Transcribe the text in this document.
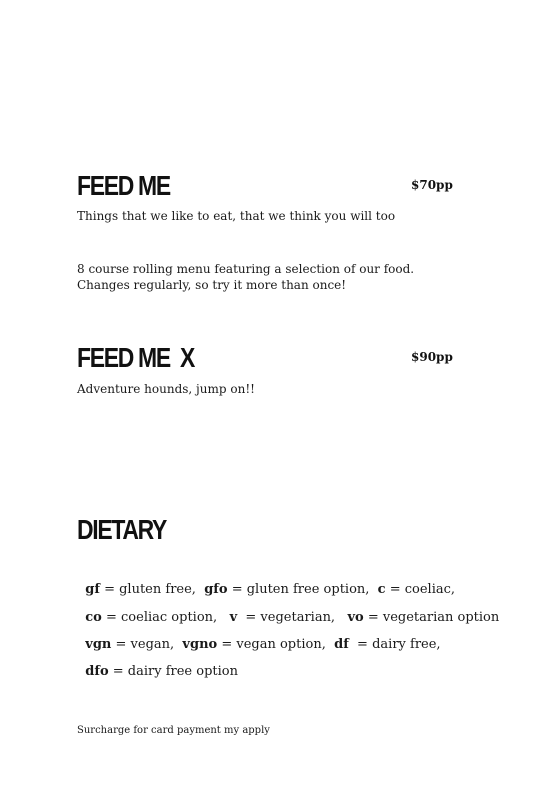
FEED ME	$70pp
Things that we like to eat, that we think you will too
8 course rolling menu featuring a selection of our food.
Changes regularly, so try it more than once!
FEED ME  X	$90pp
Adventure hounds, jump on!!
DIETARY

gf = gluten free,  gfo = gluten free option,  c = coeliac,

co = coeliac option,   v  = vegetarian,   vo = vegetarian option

vgn = vegan,  vgno = vegan option,  df  = dairy free,

dfo = dairy free option

Surcharge for card payment my apply
